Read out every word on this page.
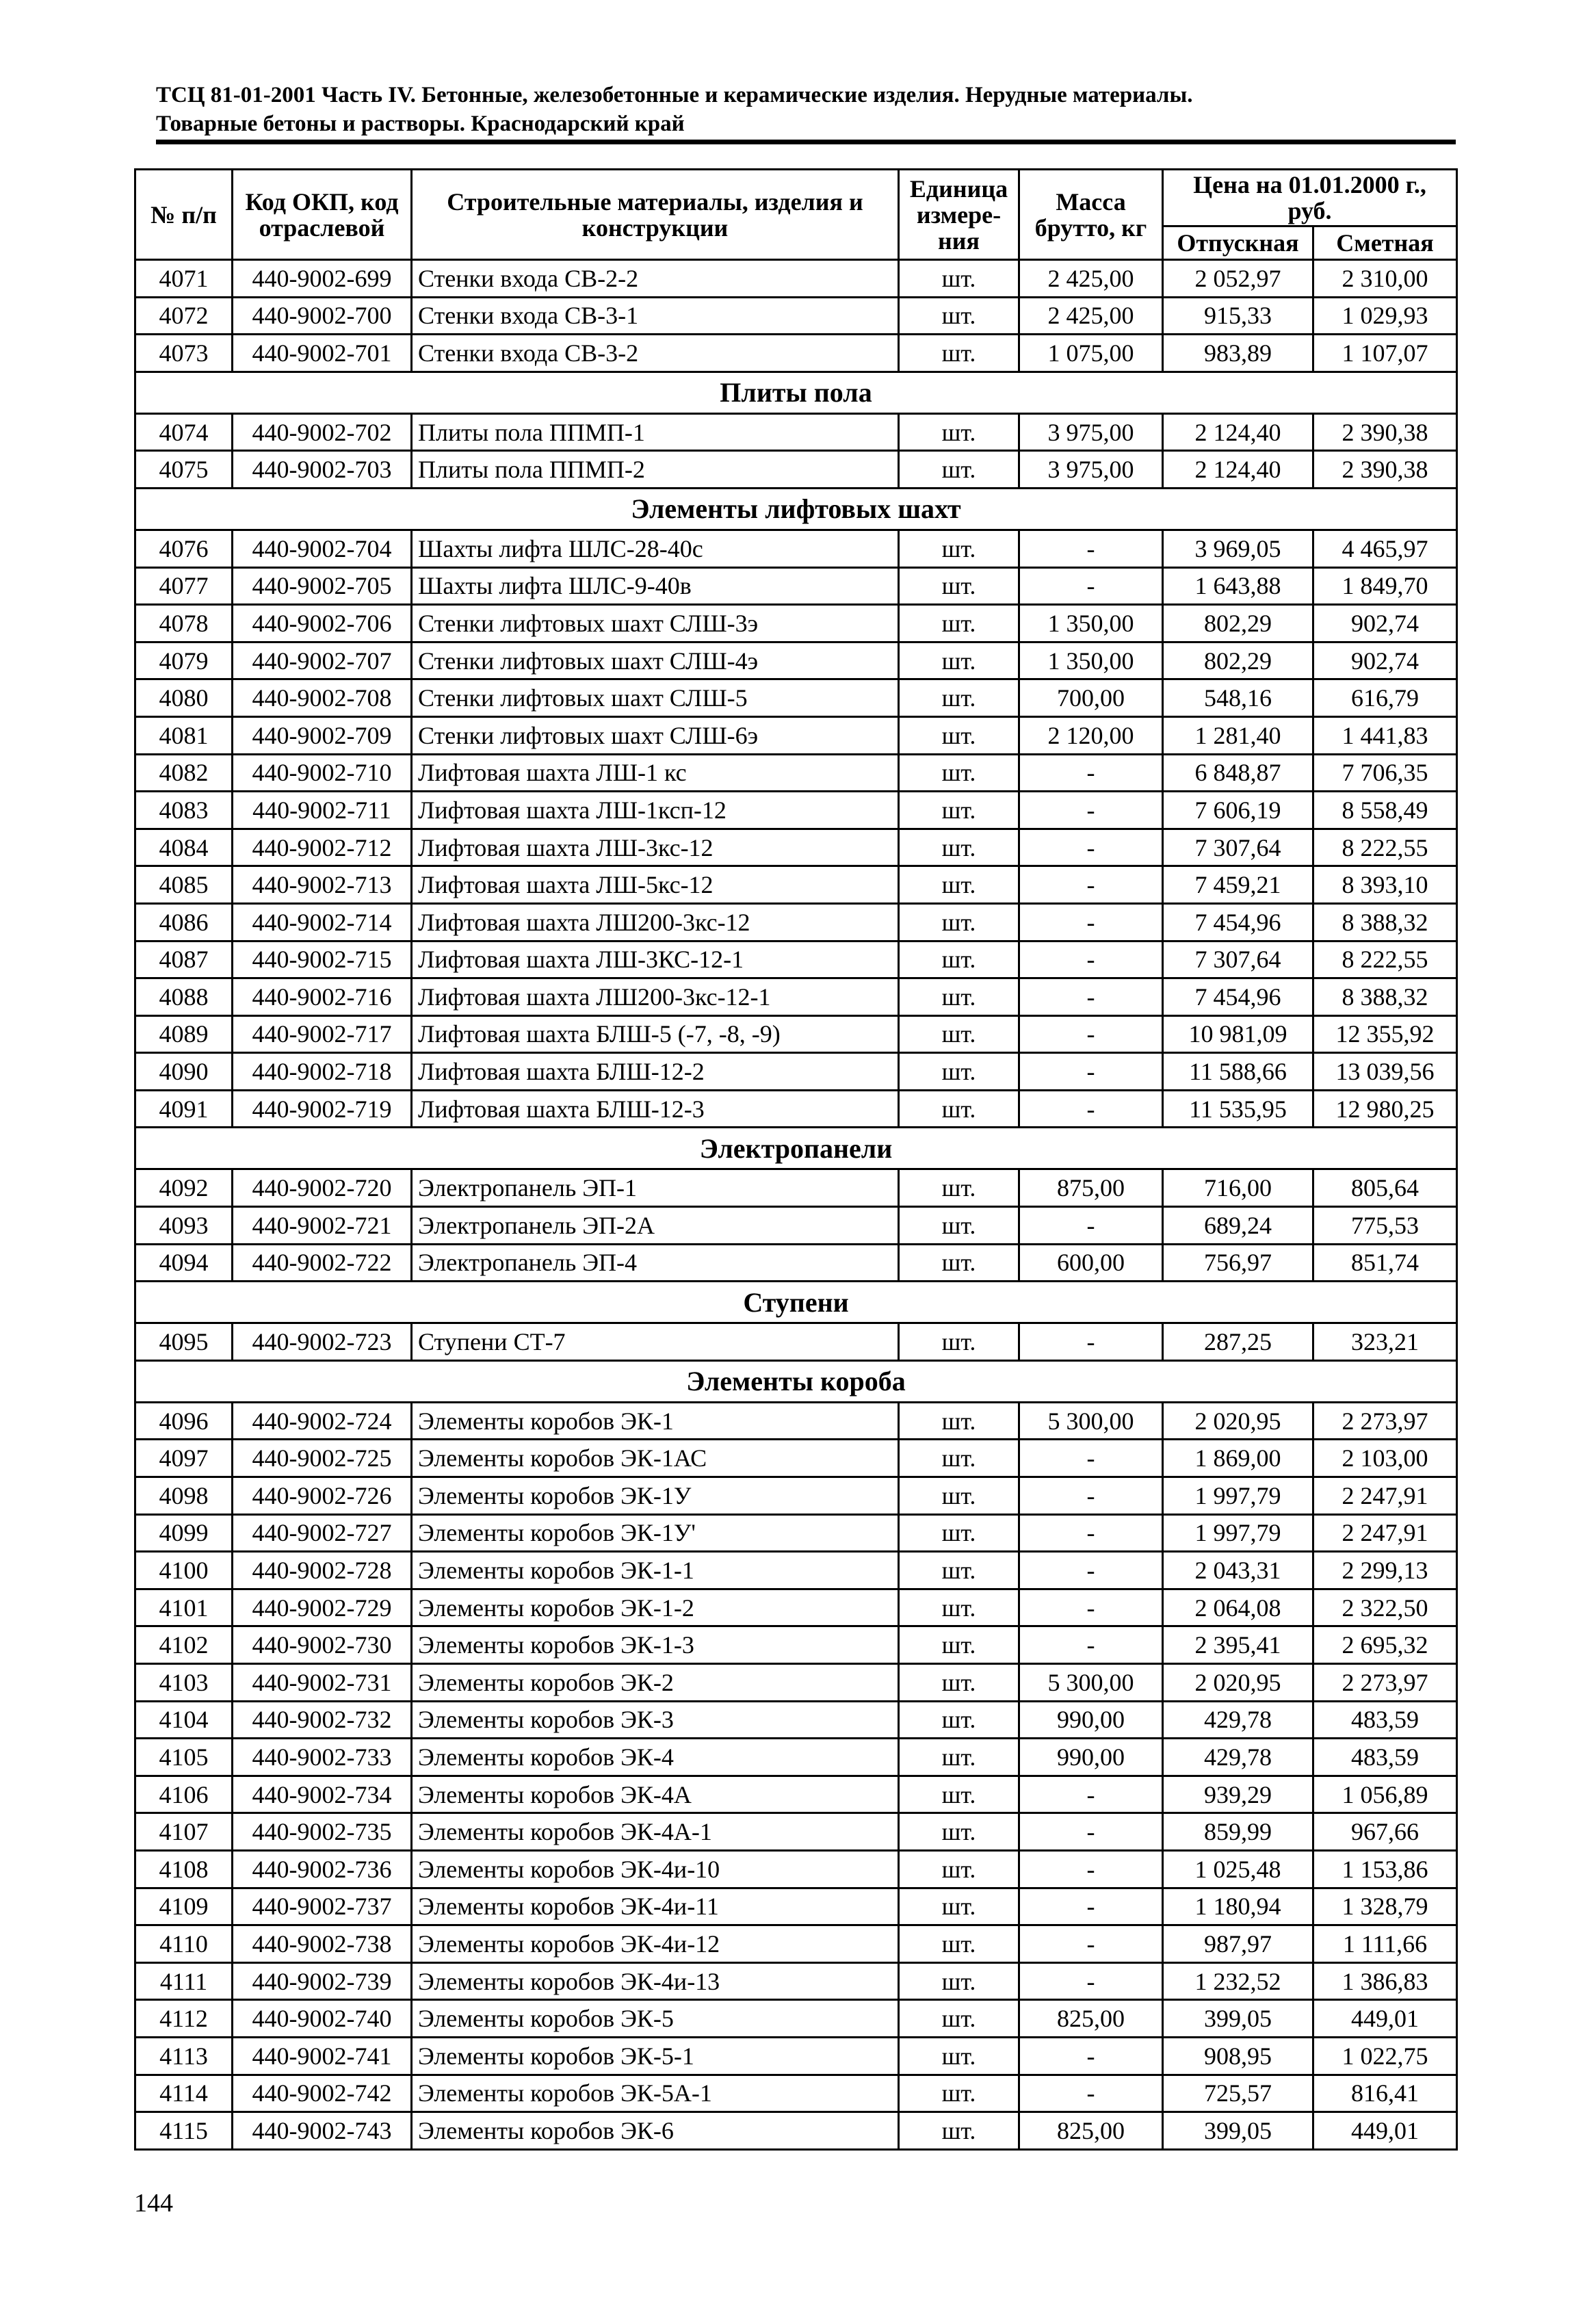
ТСЦ 81-01-2001 Часть IV. Бетонные, железобетонные и керамические изделия. Нерудные материалы.
Товарные бетоны и растворы. Краснодарский край
№ п/п	Код ОКП, код отраслевой	Строительные материалы, изделия и конструкции	Единица измере-ния	Масса брутто, кг	Цена на 01.01.2000 г., руб.	
					Отпускная	Сметная
4071	440-9002-699	Стенки входа СВ-2-2	шт.	2 425,00	2 052,97	2 310,00
4072	440-9002-700	Стенки входа СВ-3-1	шт.	2 425,00	915,33	1 029,93
4073	440-9002-701	Стенки входа СВ-3-2	шт.	1 075,00	983,89	1 107,07
Плиты пола						
4074	440-9002-702	Плиты пола ППМП-1	шт.	3 975,00	2 124,40	2 390,38
4075	440-9002-703	Плиты пола ППМП-2	шт.	3 975,00	2 124,40	2 390,38
Элементы лифтовых шахт						
4076	440-9002-704	Шахты лифта ШЛС-28-40с	шт.	-	3 969,05	4 465,97
4077	440-9002-705	Шахты лифта ШЛС-9-40в	шт.	-	1 643,88	1 849,70
4078	440-9002-706	Стенки лифтовых шахт СЛШ-3э	шт.	1 350,00	802,29	902,74
4079	440-9002-707	Стенки лифтовых шахт СЛШ-4э	шт.	1 350,00	802,29	902,74
4080	440-9002-708	Стенки лифтовых шахт СЛШ-5	шт.	700,00	548,16	616,79
4081	440-9002-709	Стенки лифтовых шахт СЛШ-6э	шт.	2 120,00	1 281,40	1 441,83
4082	440-9002-710	Лифтовая шахта ЛШ-1 кс	шт.	-	6 848,87	7 706,35
4083	440-9002-711	Лифтовая шахта ЛШ-1ксп-12	шт.	-	7 606,19	8 558,49
4084	440-9002-712	Лифтовая шахта ЛШ-3кс-12	шт.	-	7 307,64	8 222,55
4085	440-9002-713	Лифтовая шахта ЛШ-5кс-12	шт.	-	7 459,21	8 393,10
4086	440-9002-714	Лифтовая шахта ЛШ200-3кс-12	шт.	-	7 454,96	8 388,32
4087	440-9002-715	Лифтовая шахта ЛШ-3КС-12-1	шт.	-	7 307,64	8 222,55
4088	440-9002-716	Лифтовая шахта ЛШ200-3кс-12-1	шт.	-	7 454,96	8 388,32
4089	440-9002-717	Лифтовая шахта БЛШ-5 (-7, -8, -9)	шт.	-	10 981,09	12 355,92
4090	440-9002-718	Лифтовая шахта БЛШ-12-2	шт.	-	11 588,66	13 039,56
4091	440-9002-719	Лифтовая шахта БЛШ-12-3	шт.	-	11 535,95	12 980,25
Электропанели						
4092	440-9002-720	Электропанель ЭП-1	шт.	875,00	716,00	805,64
4093	440-9002-721	Электропанель ЭП-2А	шт.	-	689,24	775,53
4094	440-9002-722	Электропанель ЭП-4	шт.	600,00	756,97	851,74
Ступени						
4095	440-9002-723	Ступени СТ-7	шт.	-	287,25	323,21
Элементы короба						
4096	440-9002-724	Элементы коробов ЭК-1	шт.	5 300,00	2 020,95	2 273,97
4097	440-9002-725	Элементы коробов ЭК-1АС	шт.	-	1 869,00	2 103,00
4098	440-9002-726	Элементы коробов ЭК-1У	шт.	-	1 997,79	2 247,91
4099	440-9002-727	Элементы коробов ЭК-1У'	шт.	-	1 997,79	2 247,91
4100	440-9002-728	Элементы коробов ЭК-1-1	шт.	-	2 043,31	2 299,13
4101	440-9002-729	Элементы коробов ЭК-1-2	шт.	-	2 064,08	2 322,50
4102	440-9002-730	Элементы коробов ЭК-1-3	шт.	-	2 395,41	2 695,32
4103	440-9002-731	Элементы коробов ЭК-2	шт.	5 300,00	2 020,95	2 273,97
4104	440-9002-732	Элементы коробов ЭК-3	шт.	990,00	429,78	483,59
4105	440-9002-733	Элементы коробов ЭК-4	шт.	990,00	429,78	483,59
4106	440-9002-734	Элементы коробов ЭК-4А	шт.	-	939,29	1 056,89
4107	440-9002-735	Элементы коробов ЭК-4А-1	шт.	-	859,99	967,66
4108	440-9002-736	Элементы коробов ЭК-4и-10	шт.	-	1 025,48	1 153,86
4109	440-9002-737	Элементы коробов ЭК-4и-11	шт.	-	1 180,94	1 328,79
4110	440-9002-738	Элементы коробов ЭК-4и-12	шт.	-	987,97	1 111,66
4111	440-9002-739	Элементы коробов ЭК-4и-13	шт.	-	1 232,52	1 386,83
4112	440-9002-740	Элементы коробов ЭК-5	шт.	825,00	399,05	449,01
4113	440-9002-741	Элементы коробов ЭК-5-1	шт.	-	908,95	1 022,75
4114	440-9002-742	Элементы коробов ЭК-5А-1	шт.	-	725,57	816,41
4115	440-9002-743	Элементы коробов ЭК-6	шт.	825,00	399,05	449,01
144
